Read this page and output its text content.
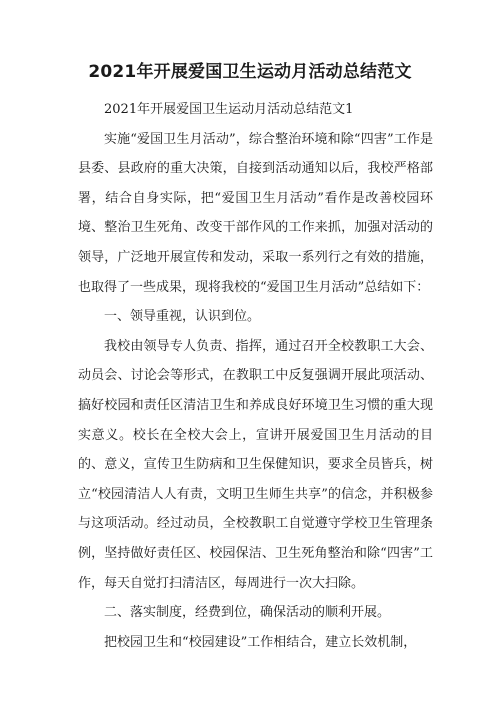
2021年开展爱国卫生运动月活动总结范文

2021年开展爱国卫生运动月活动总结范文1

实施“爱国卫生月活动”，综合整治环境和除“四害”工作是县委、县政府的重大决策，自接到活动通知以后，我校严格部署，结合自身实际，把“爱国卫生月活动”看作是改善校园环境、整治卫生死角、改变干部作风的工作来抓，加强对活动的领导，广泛地开展宣传和发动，采取一系列行之有效的措施，也取得了一些成果，现将我校的“爱国卫生月活动”总结如下：

一、领导重视，认识到位。

我校由领导专人负责、指挥，通过召开全校教职工大会、动员会、讨论会等形式，在教职工中反复强调开展此项活动、搞好校园和责任区清洁卫生和养成良好环境卫生习惯的重大现实意义。校长在全校大会上，宣讲开展爱国卫生月活动的目的、意义，宣传卫生防病和卫生保健知识，要求全员皆兵，树立“校园清洁人人有责，文明卫生师生共享”的信念，并积极参与这项活动。经过动员，全校教职工自觉遵守学校卫生管理条例，坚持做好责任区、校园保洁、卫生死角整治和除“四害”工作，每天自觉打扫清洁区，每周进行一次大扫除。

二、落实制度，经费到位，确保活动的顺利开展。

把校园卫生和“校园建设”工作相结合，建立长效机制，
